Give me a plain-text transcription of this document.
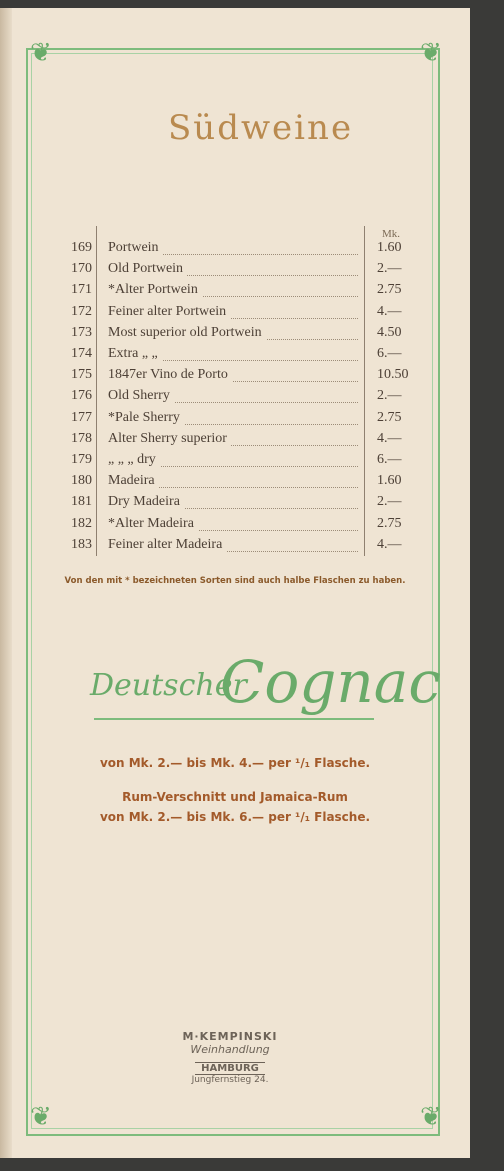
❦	❦
❦	❦
Südweine
Mk.
169 Portwein	1.60
170 Old Portwein	2.—
171 *Alter Portwein	2.75
172 Feiner alter Portwein	4.—
173 Most superior old Portwein	4.50
174 Extra „ „	6.—
175 1847er Vino de Porto	10.50
176 Old Sherry	2.—
177 *Pale Sherry	2.75
178 Alter Sherry superior	4.—
179 „ „ „ dry	6.—
180 Madeira	1.60
181 Dry Madeira	2.—
182 *Alter Madeira	2.75
183 Feiner alter Madeira	4.—
Von den mit * bezeichneten Sorten sind auch halbe Flaschen zu haben.
Deutscher
Cognac
von Mk. 2.— bis Mk. 4.— per ¹/₁ Flasche.
Rum-Verschnitt und Jamaica-Rum
von Mk. 2.— bis Mk. 6.— per ¹/₁ Flasche.
M·KEMPINSKI
Weinhandlung
HAMBURG
Jungfernstieg 24.
